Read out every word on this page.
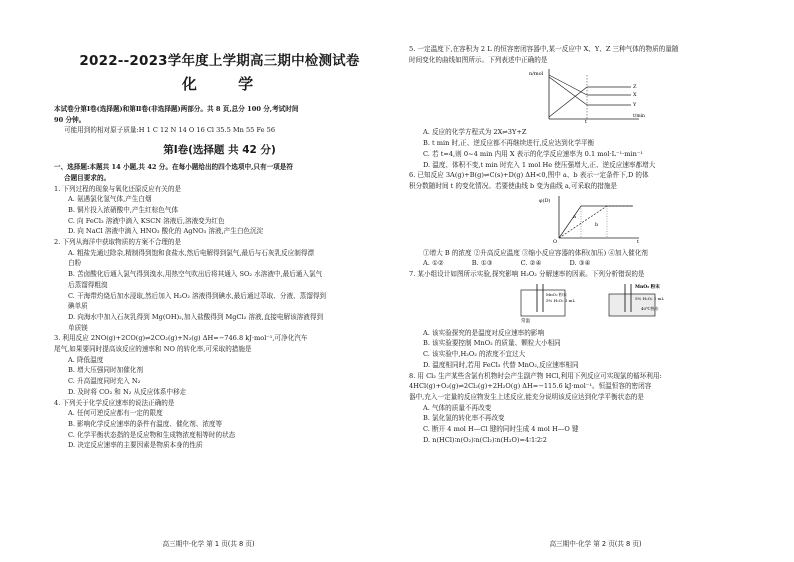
2022--2023学年度上学期高三期中检测试卷
化 学
本试卷分第Ⅰ卷(选择题)和第Ⅱ卷(非选择题)两部分。共 8 页,总分 100 分,考试时间
90 分钟。
可能用到的相对原子质量:H 1 C 12 N 14 O 16 Cl 35.5 Mn 55 Fe 56
第Ⅰ卷(选择题 共 42 分)
一、选择题:本题共 14 小题,共 42 分。在每小题给出的四个选项中,只有一项是符
合题目要求的。
1. 下列过程的现象与氧化还原反应有关的是
A. 氨遇氯化氢气体,产生白烟
B. 铜片投入浓硝酸中,产生红棕色气体
C. 向 FeCl₃ 溶液中滴入 KSCN 溶液后,溶液变为红色
D. 向 NaCl 溶液中滴入 HNO₃ 酸化的 AgNO₃ 溶液,产生白色沉淀
2. 下列从海洋中获取物质的方案不合理的是
A. 粗盐先通过除杂,精制得到饱和食盐水,然后电解得到氯气,最后与石灰乳反应制得漂
白粉
B. 苦卤酸化后通入氯气得到溴水,用热空气吹出后将其通入 SO₂ 水溶液中,最后通入氯气
后蒸馏得粗溴
C. 干海带灼烧后加水浸取,然后加入 H₂O₂ 溶液得到碘水,最后通过萃取、分液、蒸馏得到
碘单质
D. 向海水中加入石灰乳得到 Mg(OH)₂,加入盐酸得到 MgCl₂ 溶液,直接电解该溶液得到
单质镁
3. 利用反应 2NO(g)+2CO(g)⇌2CO₂(g)+N₂(g) ΔH=−746.8 kJ·mol⁻¹,可净化汽车
尾气,如果要同时提高该反应的速率和 NO 的转化率,可采取的措施是
A. 降低温度
B. 增大压强同时加催化剂
C. 升高温度同时充入 N₂
D. 及时将 CO₂ 和 N₂ 从反应体系中移走
4. 下列关于化学反应速率的说法正确的是
A. 任何可逆反应都有一定的限度
B. 影响化学反应速率的条件有温度、催化剂、浓度等
C. 化学平衡状态指的是反应物和生成物浓度相等时的状态
D. 决定反应速率的主要因素是物质本身的性质
高三期中·化学 第 1 页(共 8 页)
5. 一定温度下,在容积为 2 L 的恒容密闭容器中,某一反应中 X、Y、Z 三种气体的物质的量随
时间变化的曲线如图所示。下列表述中正确的是
n/mol
t/min
t
X
Y
Z
A. 反应的化学方程式为 2X⇌3Y+Z
B. t min 时,正、逆反应都不再继续进行,反应达到化学平衡
C. 若 t=4,则 0~4 min 内用 X 表示的化学反应速率为 0.1 mol·L⁻¹·min⁻¹
D. 温度、体积不变,t min 时充入 1 mol He 使压强增大,正、逆反应速率都增大
6. 已知反应 3A(g)+B(g)⇌C(s)+D(g) ΔH<0,图中 a、b 表示一定条件下,D 的体
积分数随时间 t 的变化情况。若要使曲线 b 变为曲线 a,可采取的措施是
φ(D)
t
O
a
b
①增大 B 的浓度 ②升高反应温度 ③缩小反应容器的体积(加压) ④加入催化剂
A. ①②	B. ①③	C. ②④	D. ③④
7. 某小组设计如图所示实验,探究影响 H₂O₂ 分解速率的因素。下列分析错误的是
MnO₂ 粉末
5% H₂O₂ 1 mL
常温
MnO₂ 粉末
5% H₂O₂ 1 mL
40℃热水
A. 该实验探究的是温度对反应速率的影响
B. 该实验要控制 MnO₂ 的质量、颗粒大小相同
C. 该实验中,H₂O₂ 的浓度不宜过大
D. 温度相同时,若用 FeCl₃ 代替 MnO₂,反应速率相同
8. 用 Cl₂ 生产某些含氯有机物时会产生副产物 HCl,利用下列反应可实现氯的循环利用:
4HCl(g)+O₂(g)⇌2Cl₂(g)+2H₂O(g) ΔH=−115.6 kJ·mol⁻¹。恒温恒容的密闭容
器中,充入一定量的反应物发生上述反应,能充分说明该反应达到化学平衡状态的是
A. 气体的质量不再改变
B. 氯化氢的转化率不再改变
C. 断开 4 mol H—Cl 键的同时生成 4 mol H—O 键
D. n(HCl)∶n(O₂)∶n(Cl₂)∶n(H₂O)=4∶1∶2∶2
高三期中·化学 第 2 页(共 8 页)
